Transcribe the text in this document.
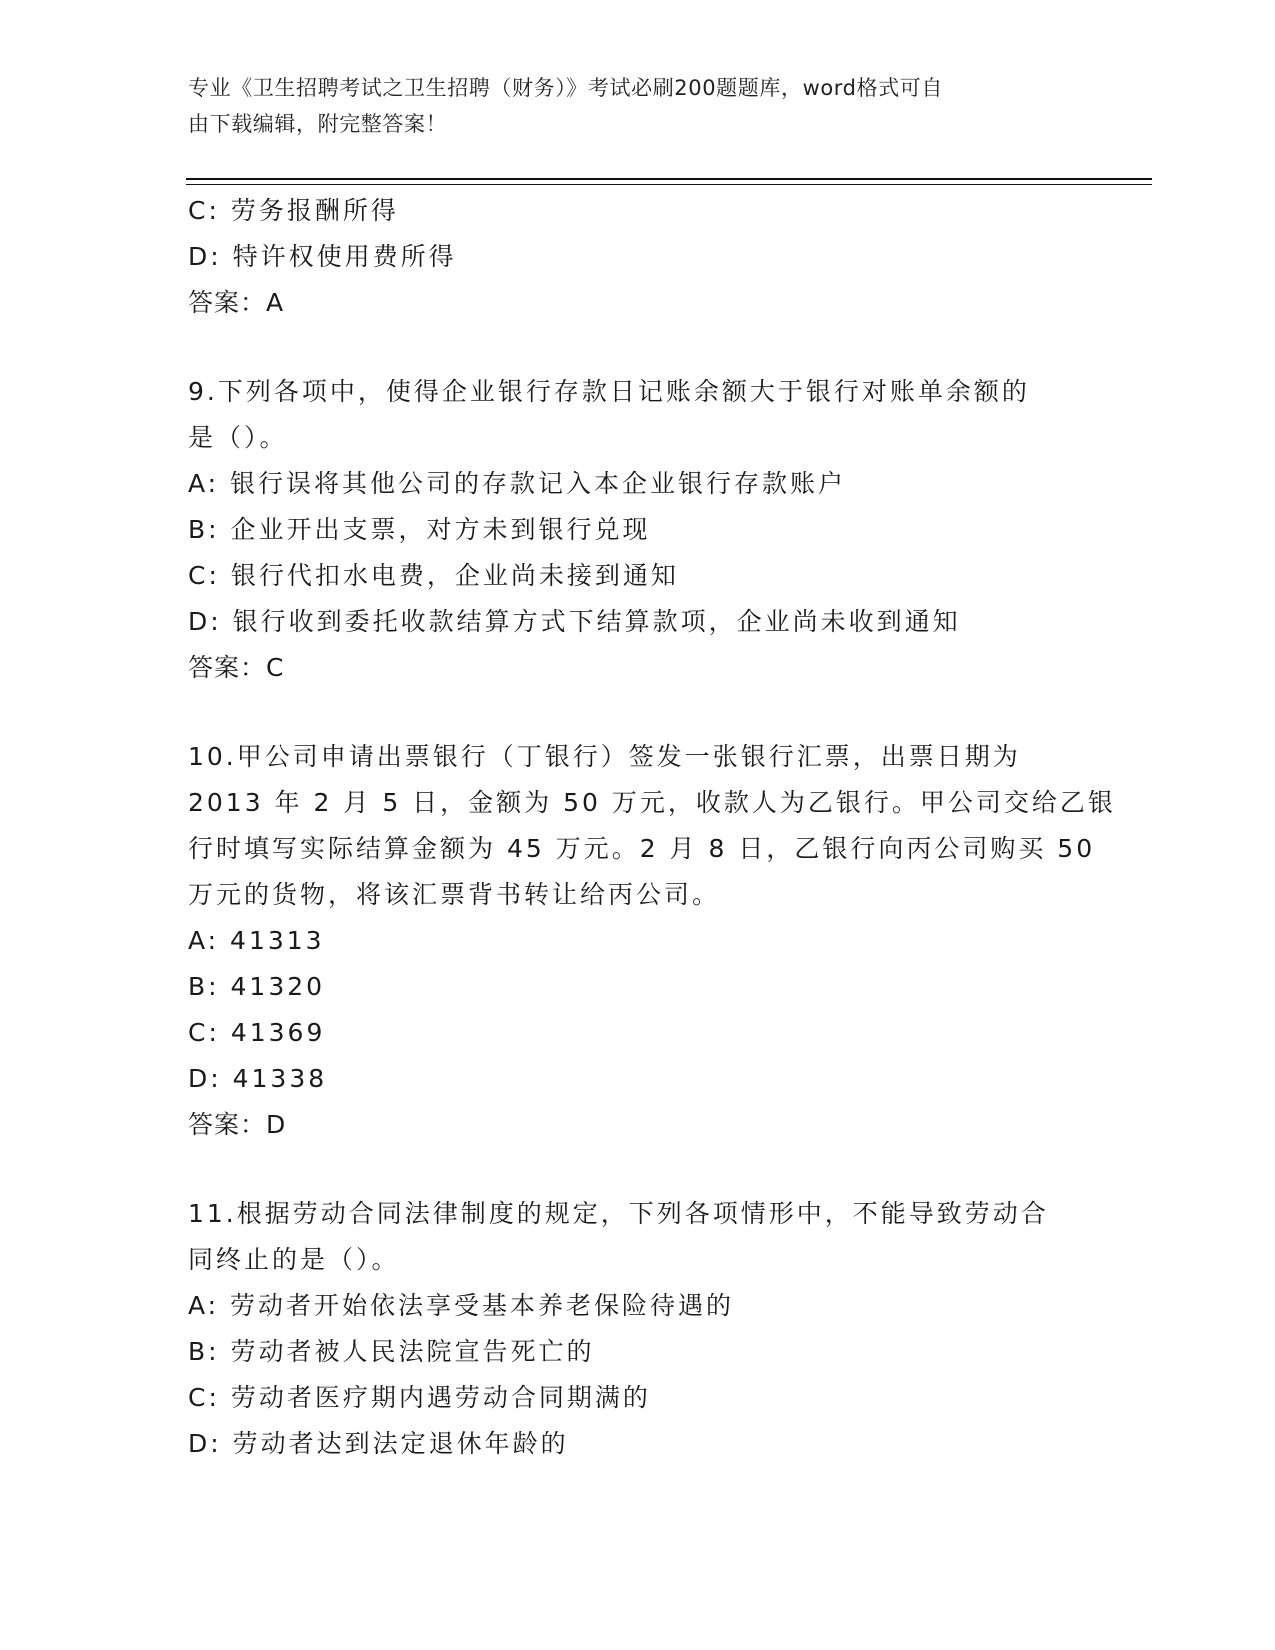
专业《卫生招聘考试之卫生招聘（财务）》考试必刷200题题库，word格式可自
由下载编辑，附完整答案！
C: 劳务报酬所得
D: 特许权使用费所得
答案：A
9.下列各项中，使得企业银行存款日记账余额大于银行对账单余额的
是（）。
A: 银行误将其他公司的存款记入本企业银行存款账户
B: 企业开出支票，对方未到银行兑现
C: 银行代扣水电费，企业尚未接到通知
D: 银行收到委托收款结算方式下结算款项，企业尚未收到通知
答案：C
10.甲公司申请出票银行（丁银行）签发一张银行汇票，出票日期为
2013 年 2 月 5 日，金额为 50 万元，收款人为乙银行。甲公司交给乙银
行时填写实际结算金额为 45 万元。2 月 8 日，乙银行向丙公司购买 50
万元的货物，将该汇票背书转让给丙公司。
A: 41313
B: 41320
C: 41369
D: 41338
答案：D
11.根据劳动合同法律制度的规定，下列各项情形中，不能导致劳动合
同终止的是（）。
A: 劳动者开始依法享受基本养老保险待遇的
B: 劳动者被人民法院宣告死亡的
C: 劳动者医疗期内遇劳动合同期满的
D: 劳动者达到法定退休年龄的
